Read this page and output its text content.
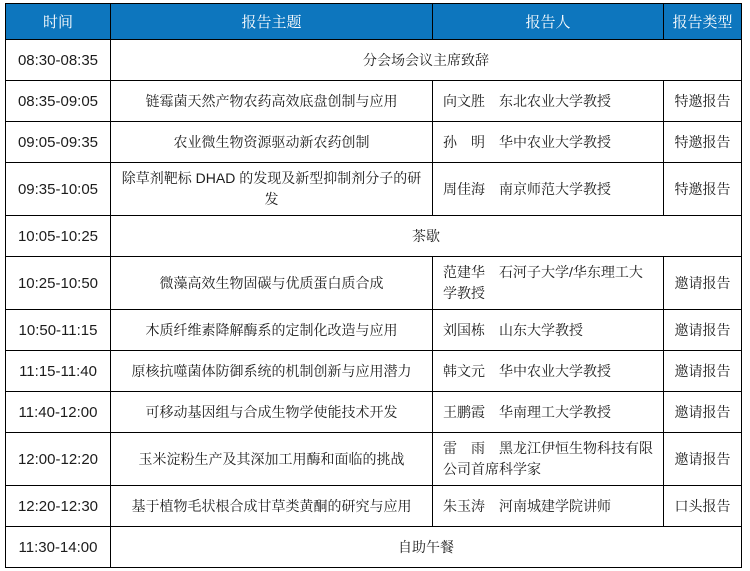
时间	报告主题	报告人	报告类型
08:30-08:35	分会场会议主席致辞		
08:35-09:05	链霉菌天然产物农药高效底盘创制与应用	向文胜　东北农业大学教授	特邀报告
09:05-09:35	农业微生物资源驱动新农药创制	孙　明　华中农业大学教授	特邀报告
09:35-10:05	除草剂靶标 DHAD 的发现及新型抑制剂分子的研发	周佳海　南京师范大学教授	特邀报告
10:05-10:25	茶歇		
10:25-10:50	微藻高效生物固碳与优质蛋白质合成	范建华　石河子大学/华东理工大学教授	邀请报告
10:50-11:15	木质纤维素降解酶系的定制化改造与应用	刘国栋　山东大学教授	邀请报告
11:15-11:40	原核抗噬菌体防御系统的机制创新与应用潜力	韩文元　华中农业大学教授	邀请报告
11:40-12:00	可移动基因组与合成生物学使能技术开发	王鹏霞　华南理工大学教授	邀请报告
12:00-12:20	玉米淀粉生产及其深加工用酶和面临的挑战	雷　雨　黑龙江伊恒生物科技有限公司首席科学家	邀请报告
12:20-12:30	基于植物毛状根合成甘草类黄酮的研究与应用	朱玉涛　河南城建学院讲师	口头报告
11:30-14:00	自助午餐		
